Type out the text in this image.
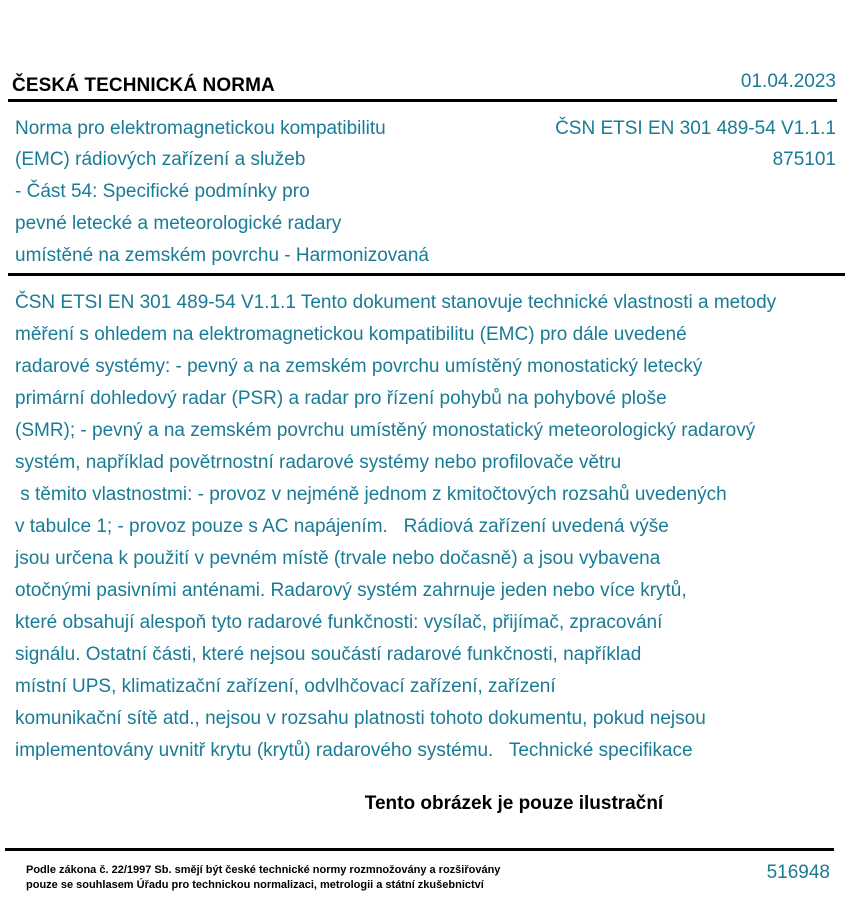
ČESKÁ TECHNICKÁ NORMA	01.04.2023
Norma pro elektromagnetickou kompatibilitu
(EMC) rádiových zařízení a služeb
- Část 54: Specifické podmínky pro
pevné letecké a meteorologické radary
umístěné na zemském povrchu - Harmonizovaná
ČSN ETSI EN 301 489-54 V1.1.1
875101
ČSN ETSI EN 301 489-54 V1.1.1 Tento dokument stanovuje technické vlastnosti a metody
měření s ohledem na elektromagnetickou kompatibilitu (EMC) pro dále uvedené
radarové systémy: - pevný a na zemském povrchu umístěný monostatický letecký
primární dohledový radar (PSR) a radar pro řízení pohybů na pohybové ploše
(SMR); - pevný a na zemském povrchu umístěný monostatický meteorologický radarový
systém, například povětrnostní radarové systémy nebo profilovače větru
s těmito vlastnostmi: - provoz v nejméně jednom z kmitočtových rozsahů uvedených
v tabulce 1; - provoz pouze s AC napájením.   Rádiová zařízení uvedená výše
jsou určena k použití v pevném místě (trvale nebo dočasně) a jsou vybavena
otočnými pasivními anténami. Radarový systém zahrnuje jeden nebo více krytů,
které obsahují alespoň tyto radarové funkčnosti: vysílač, přijímač, zpracování
signálu. Ostatní části, které nejsou součástí radarové funkčnosti, například
místní UPS, klimatizační zařízení, odvlhčovací zařízení, zařízení
komunikační sítě atd., nejsou v rozsahu platnosti tohoto dokumentu, pokud nejsou
implementovány uvnitř krytu (krytů) radarového systému.   Technické specifikace
Tento obrázek je pouze ilustrační
Podle zákona č. 22/1997 Sb. smějí být české technické normy rozmnožovány a rozšiřovány
pouze se souhlasem Úřadu pro technickou normalizaci, metrologii a státní zkušebnictví
516948
